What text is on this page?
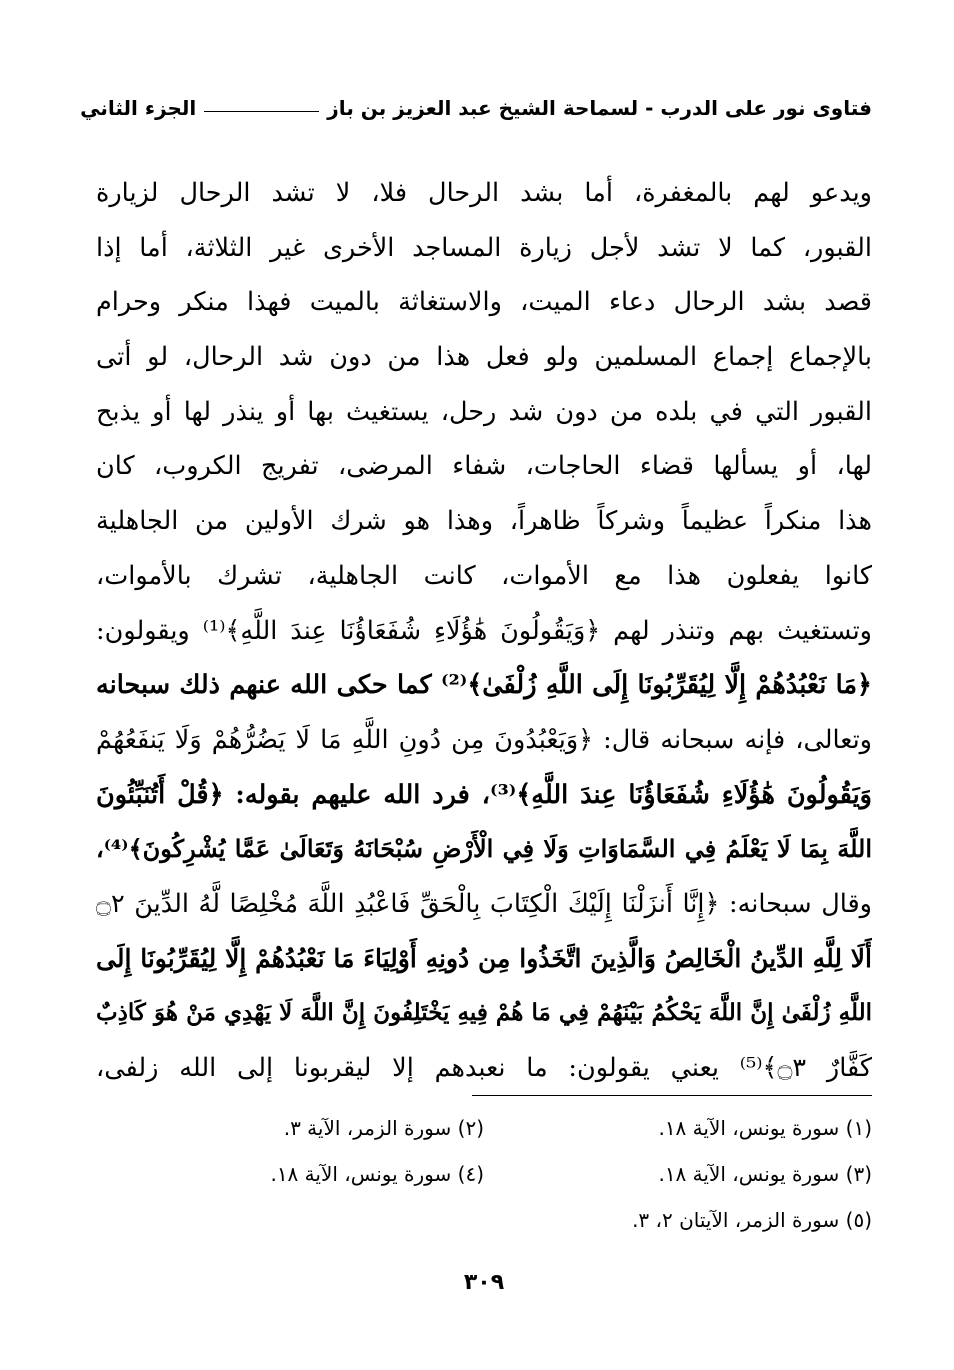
فتاوى نور على الدرب - لسماحة الشيخ عبد العزيز بن باز
الجزء الثاني
ويدعو لهم بالمغفرة، أما بشد الرحال فلا، لا تشد الرحال لزيارة
القبور، كما لا تشد لأجل زيارة المساجد الأخرى غير الثلاثة، أما إذا
قصد بشد الرحال دعاء الميت، والاستغاثة بالميت فهذا منكر وحرام
بالإجماع إجماع المسلمين ولو فعل هذا من دون شد الرحال، لو أتى
القبور التي في بلده من دون شد رحل، يستغيث بها أو ينذر لها أو يذبح
لها، أو يسألها قضاء الحاجات، شفاء المرضى، تفريج الكروب، كان
هذا منكراً عظيماً وشركاً ظاهراً، وهذا هو شرك الأولين من الجاهلية
كانوا يفعلون هذا مع الأموات، كانت الجاهلية، تشرك بالأموات،
وتستغيث بهم وتنذر لهم ﴿وَيَقُولُونَ هَٰؤُلَاءِ شُفَعَاؤُنَا عِندَ اللَّهِ﴾⁽¹⁾ ويقولون:
﴿مَا نَعْبُدُهُمْ إِلَّا لِيُقَرِّبُونَا إِلَى اللَّهِ زُلْفَىٰ﴾⁽²⁾ كما حكى الله عنهم ذلك سبحانه
وتعالى، فإنه سبحانه قال: ﴿وَيَعْبُدُونَ مِن دُونِ اللَّهِ مَا لَا يَضُرُّهُمْ وَلَا يَنفَعُهُمْ
وَيَقُولُونَ هَٰؤُلَاءِ شُفَعَاؤُنَا عِندَ اللَّهِ﴾⁽³⁾، فرد الله عليهم بقوله: ﴿قُلْ أَتُنَبِّئُونَ
اللَّهَ بِمَا لَا يَعْلَمُ فِي السَّمَاوَاتِ وَلَا فِي الْأَرْضِ سُبْحَانَهُ وَتَعَالَىٰ عَمَّا يُشْرِكُونَ﴾⁽⁴⁾،
وقال سبحانه: ﴿إِنَّا أَنزَلْنَا إِلَيْكَ الْكِتَابَ بِالْحَقِّ فَاعْبُدِ اللَّهَ مُخْلِصًا لَّهُ الدِّينَ ۝٢
أَلَا لِلَّهِ الدِّينُ الْخَالِصُ وَالَّذِينَ اتَّخَذُوا مِن دُونِهِ أَوْلِيَاءَ مَا نَعْبُدُهُمْ إِلَّا لِيُقَرِّبُونَا إِلَى
اللَّهِ زُلْفَىٰ إِنَّ اللَّهَ يَحْكُمُ بَيْنَهُمْ فِي مَا هُمْ فِيهِ يَخْتَلِفُونَ إِنَّ اللَّهَ لَا يَهْدِي مَنْ هُوَ كَاذِبٌ
كَفَّارٌ ۝٣﴾⁽⁵⁾ يعني يقولون: ما نعبدهم إلا ليقربونا إلى الله زلفى،
(١) سورة يونس، الآية ١٨.
(٢) سورة الزمر، الآية ٣.
(٣) سورة يونس، الآية ١٨.
(٤) سورة يونس، الآية ١٨.
(٥) سورة الزمر، الآيتان ٢، ٣.
٣٠٩
